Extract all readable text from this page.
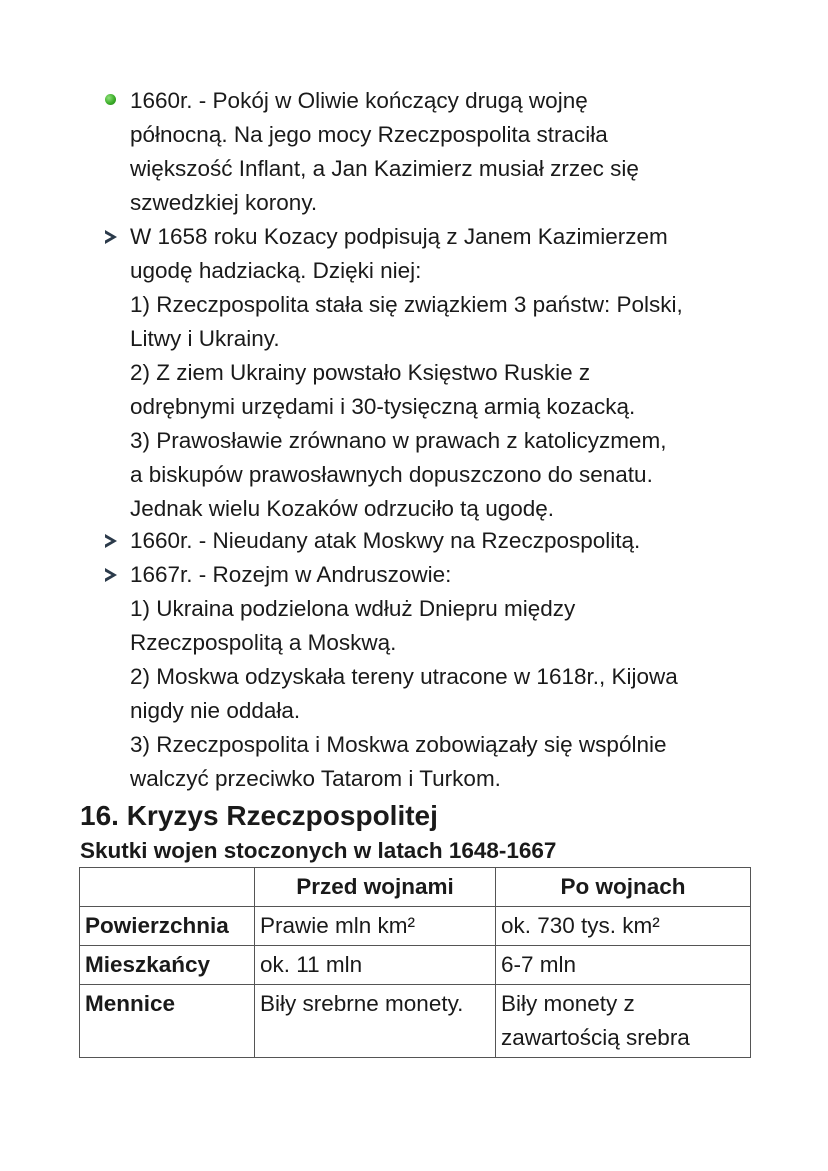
1660r. - Pokój w Oliwie kończący drugą wojnę
północną. Na jego mocy Rzeczpospolita straciła
większość Inflant, a Jan Kazimierz musiał zrzec się
szwedzkiej korony.
W 1658 roku Kozacy podpisują z Janem Kazimierzem
ugodę hadziacką. Dzięki niej:
1) Rzeczpospolita stała się związkiem 3 państw: Polski,
Litwy i Ukrainy.
2) Z ziem Ukrainy powstało Księstwo Ruskie z
odrębnymi urzędami i 30-tysięczną armią kozacką.
3) Prawosławie zrównano w prawach z katolicyzmem,
a biskupów prawosławnych dopuszczono do senatu.
Jednak wielu Kozaków odrzuciło tą ugodę.
1660r. - Nieudany atak Moskwy na Rzeczpospolitą.
1667r. - Rozejm w Andruszowie:
1) Ukraina podzielona wdłuż Dniepru między
Rzeczpospolitą a Moskwą.
2) Moskwa odzyskała tereny utracone w 1618r., Kijowa
nigdy nie oddała.
3) Rzeczpospolita i Moskwa zobowiązały się wspólnie
walczyć przeciwko Tatarom i Turkom.
16. Kryzys Rzeczpospolitej
Skutki wojen stoczonych w latach 1648-1667
	Przed wojnami	Po wojnach
Powierzchnia	Prawie mln km²	ok. 730 tys. km²
Mieszkańcy	ok. 11 mln	6-7 mln
Mennice	Biły srebrne monety.	Biły monety z zawartością srebra
